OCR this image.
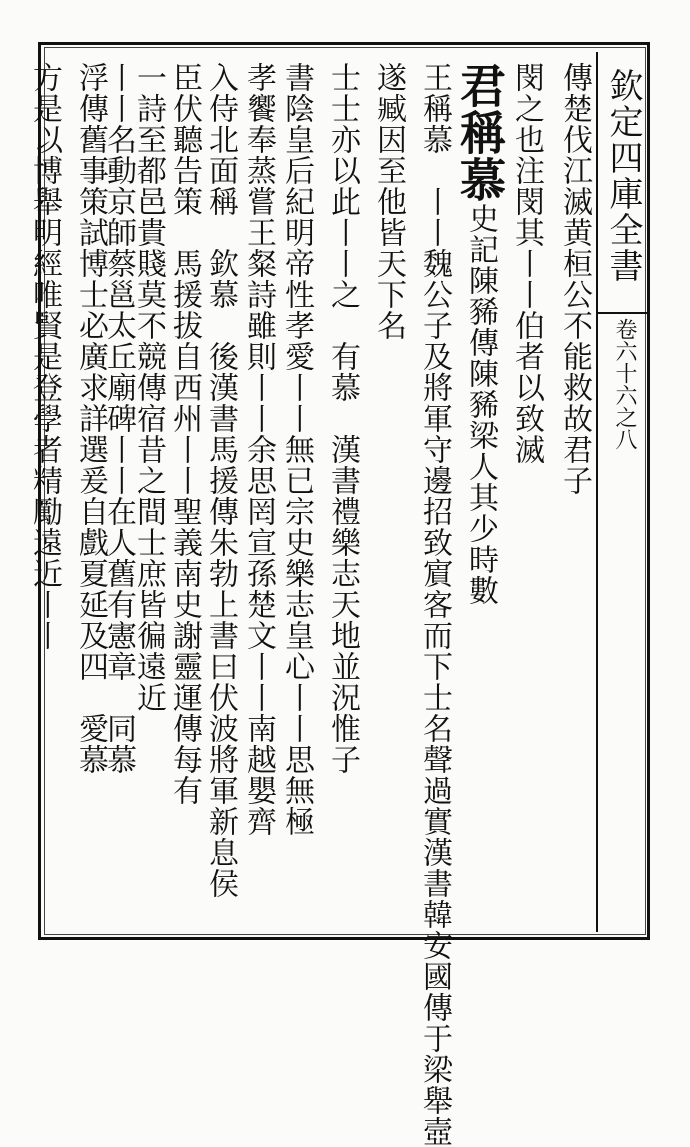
欽定四庫全書
卷六十六之八
傳楚伐江滅黄桓公不能救故君子
閔之也注閔其丨丨伯者以致滅
君稱慕史記陳豨傳陳豨梁人其少時數
王稱慕　丨丨魏公子及將軍守邊招致賔客而下士名聲過實漢書韓安國傳于梁舉壼
遂臧因至他皆天下名
士士亦以此丨丨之　有慕　漢書禮樂志天地並況惟子
書陰皇后紀明帝性孝愛丨丨無已宗史樂志皇心丨丨思無極
孝饗奉蒸嘗王粲詩雖則丨丨余思罔宣孫楚文丨丨南越嬰齊
入侍北面稱　欽慕　後漢書馬援傳朱勃上書曰伏波將軍新息侯
臣伏聽告策　馬援拔自西州丨丨聖義南史謝靈運傳每有
一詩至都邑貴賤莫不競傳宿昔之間士庶皆徧遠近
丨丨名動京師蔡邕太丘廟碑丨丨在人舊有憲章　同慕
浮傳舊事策試博士必廣求詳選爰自戲夏延及四　愛慕
方是以博舉明經唯賢是登學者精勵遠近丨丨
